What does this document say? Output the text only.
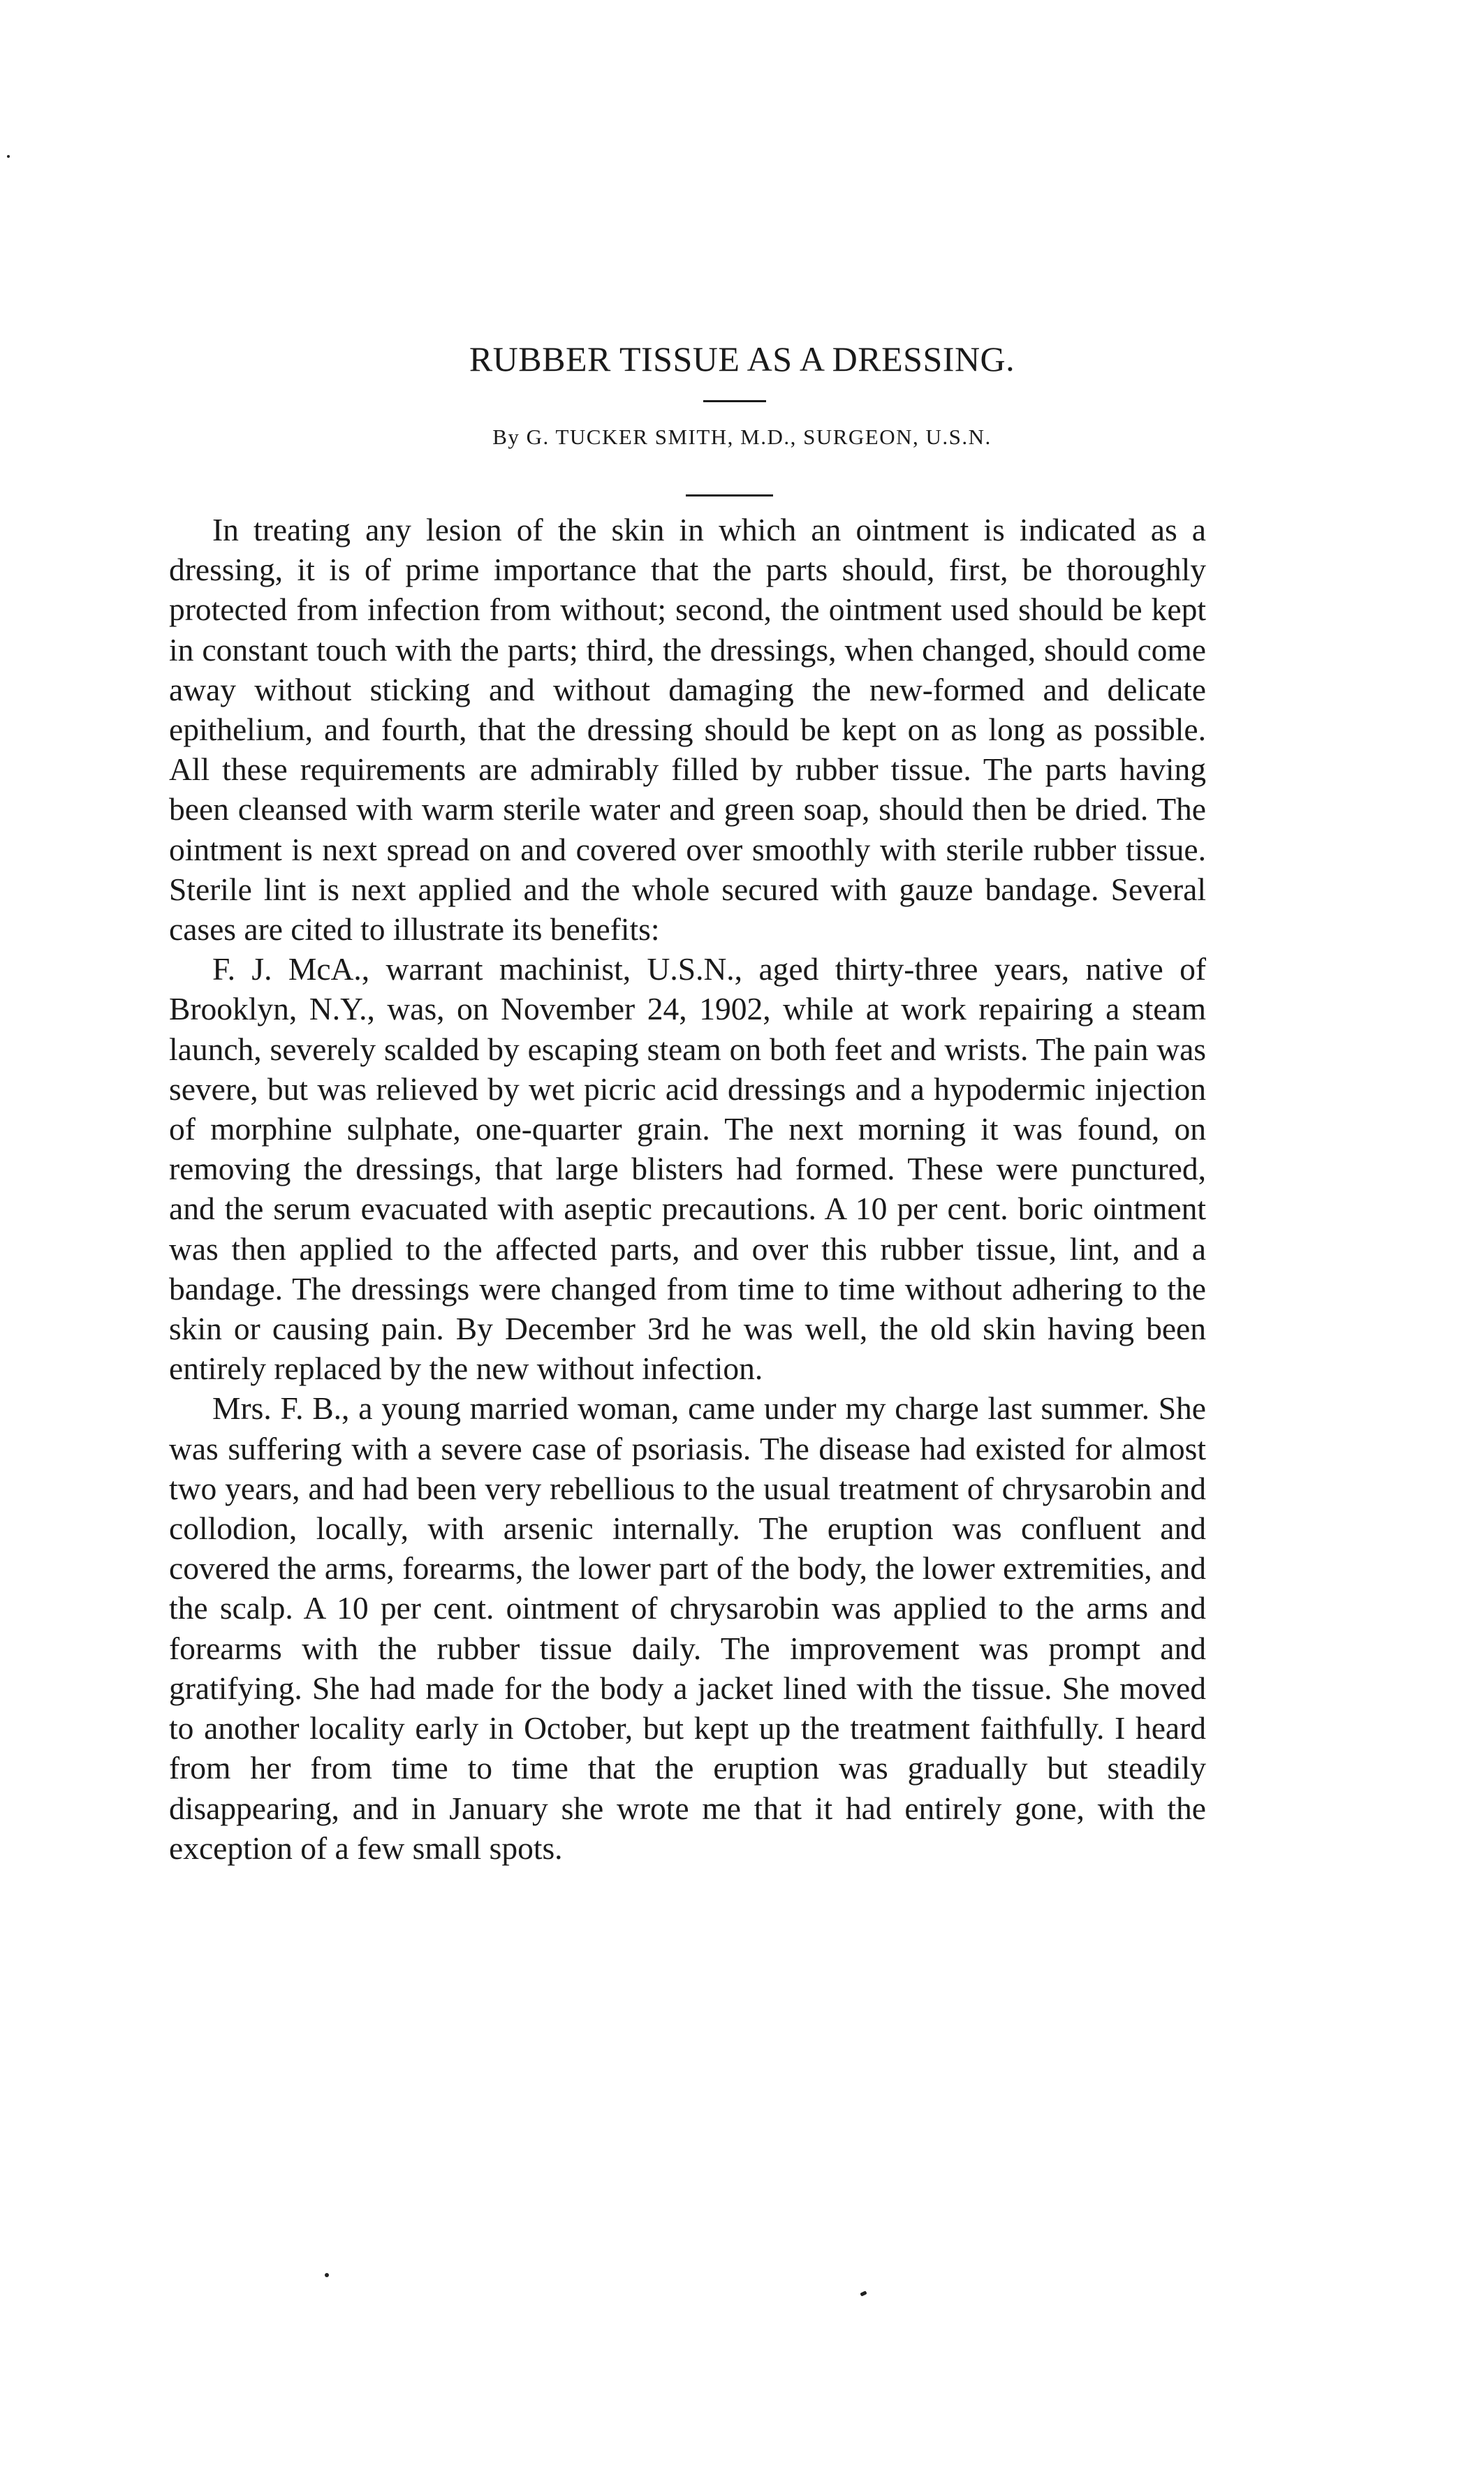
RUBBER TISSUE AS A DRESSING.

By G. TUCKER SMITH, M.D., SURGEON, U.S.N.

In treating any lesion of the skin in which an ointment is indicated as a dressing, it is of prime importance that the parts should, first, be thoroughly protected from infection from without; second, the ointment used should be kept in constant touch with the parts; third, the dressings, when changed, should come away without sticking and without damaging the new-formed and delicate epithelium, and fourth, that the dressing should be kept on as long as possible. All these requirements are admirably filled by rubber tissue. The parts having been cleansed with warm sterile water and green soap, should then be dried. The ointment is next spread on and covered over smoothly with sterile rubber tissue. Sterile lint is next applied and the whole secured with gauze bandage. Several cases are cited to illustrate its benefits:

F. J. McA., warrant machinist, U.S.N., aged thirty-three years, native of Brooklyn, N.Y., was, on November 24, 1902, while at work repairing a steam launch, severely scalded by escaping steam on both feet and wrists. The pain was severe, but was relieved by wet picric acid dressings and a hypodermic injection of morphine sulphate, one-quarter grain. The next morning it was found, on removing the dressings, that large blisters had formed. These were punctured, and the serum evacuated with aseptic precautions. A 10 per cent. boric ointment was then applied to the affected parts, and over this rubber tissue, lint, and a bandage. The dressings were changed from time to time without adhering to the skin or causing pain. By December 3rd he was well, the old skin having been entirely replaced by the new without infection.

Mrs. F. B., a young married woman, came under my charge last summer. She was suffering with a severe case of psoriasis. The disease had existed for almost two years, and had been very rebellious to the usual treatment of chrysarobin and collodion, locally, with arsenic internally. The eruption was confluent and covered the arms, forearms, the lower part of the body, the lower extremities, and the scalp. A 10 per cent. ointment of chrysarobin was applied to the arms and forearms with the rubber tissue daily. The improvement was prompt and gratifying. She had made for the body a jacket lined with the tissue. She moved to another locality early in October, but kept up the treatment faithfully. I heard from her from time to time that the eruption was gradually but steadily disappearing, and in January she wrote me that it had entirely gone, with the exception of a few small spots.
